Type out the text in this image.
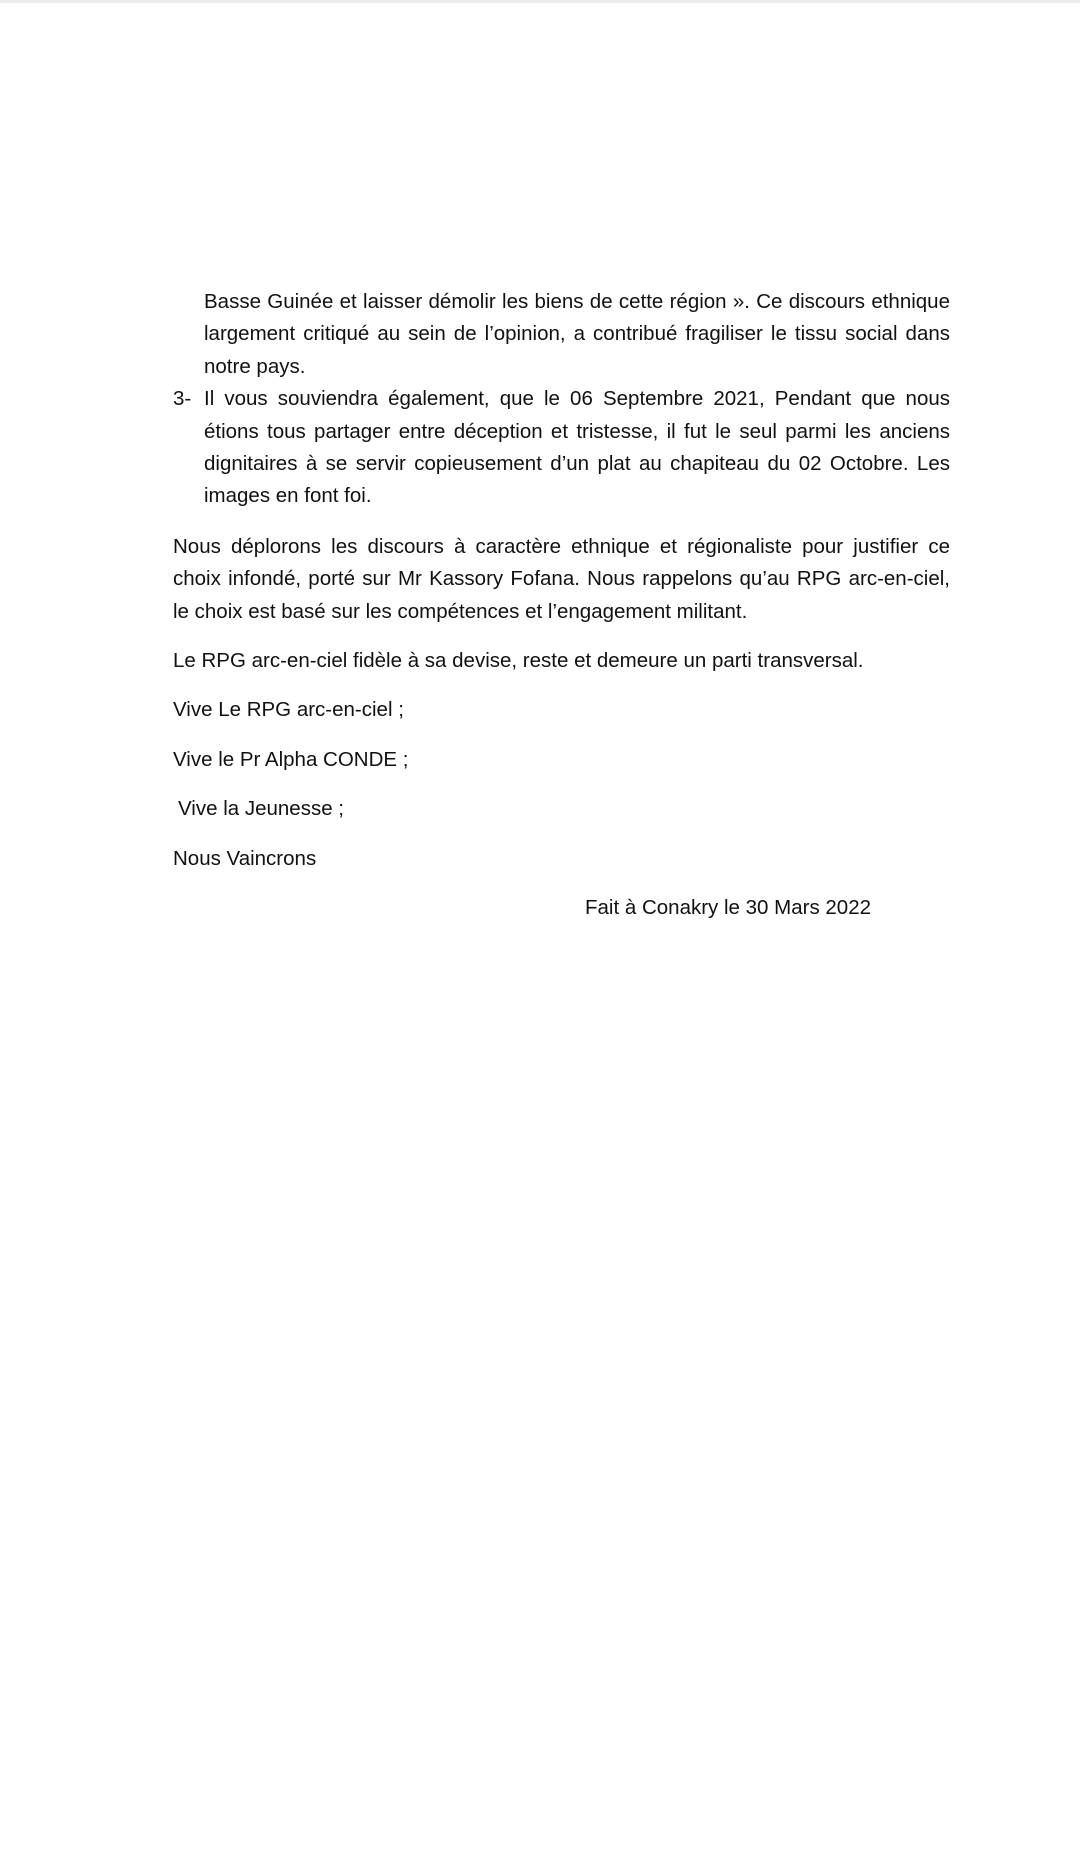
Basse Guinée et laisser démolir les biens de cette région ». Ce discours ethnique largement critiqué au sein de l’opinion, a contribué fragiliser le tissu social dans notre pays.
3- Il vous souviendra également, que le 06 Septembre 2021, Pendant que nous étions tous partager entre déception et tristesse, il fut le seul parmi les anciens dignitaires à se servir copieusement d’un plat au chapiteau du 02 Octobre. Les images en font foi.

Nous déplorons les discours à caractère ethnique et régionaliste pour justifier ce choix infondé, porté sur Mr Kassory Fofana. Nous rappelons qu’au RPG arc-en-ciel, le choix est basé sur les compétences et l’engagement militant.

Le RPG arc-en-ciel fidèle à sa devise, reste et demeure un parti transversal.

Vive Le RPG arc-en-ciel ;

Vive le Pr Alpha CONDE ;

Vive la Jeunesse ;

Nous Vaincrons

Fait à Conakry le 30 Mars 2022
